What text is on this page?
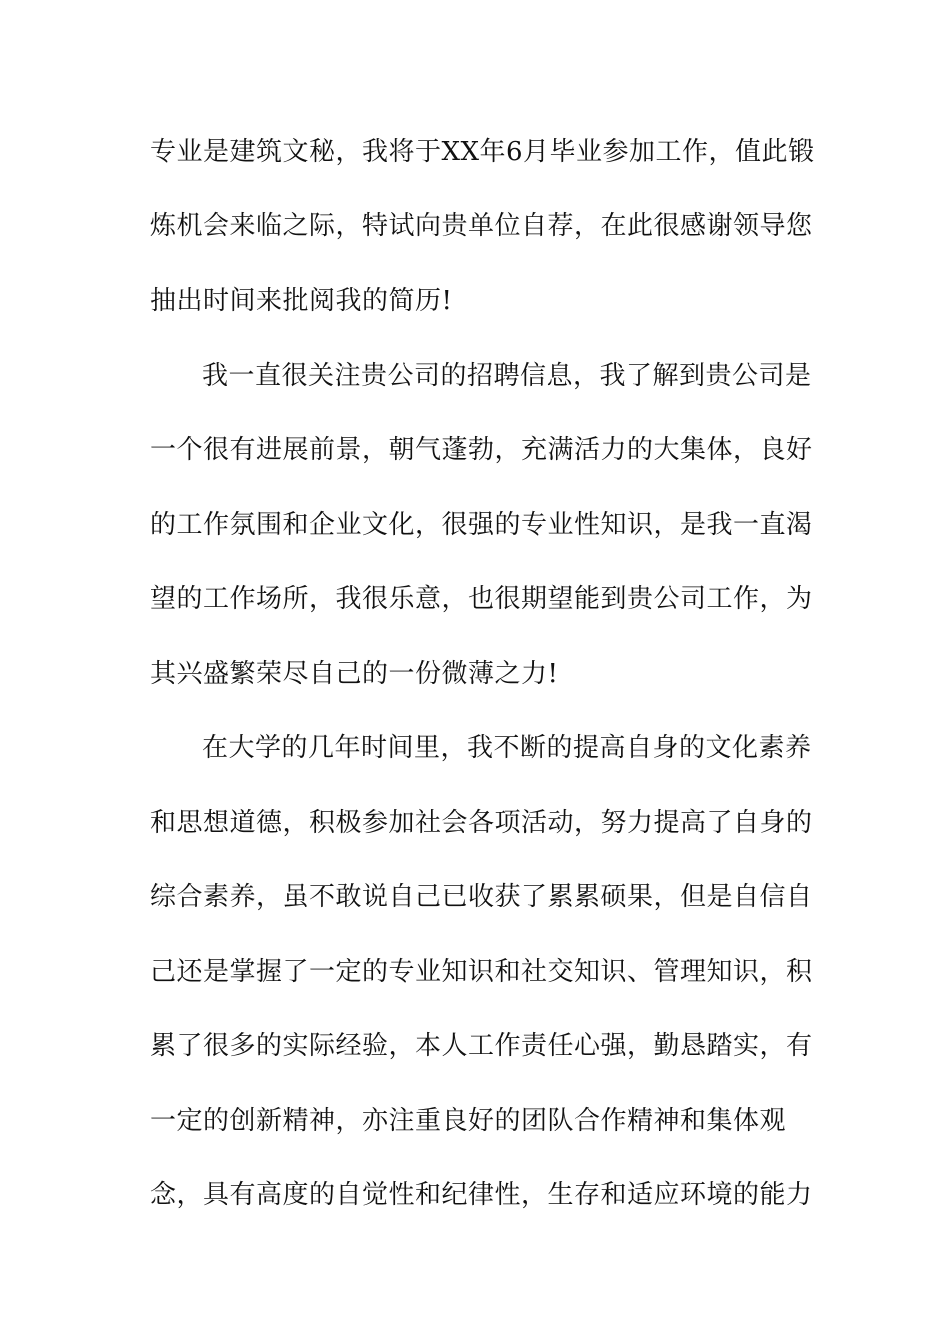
专业是建筑文秘，我将于XX年6月毕业参加工作，值此锻
炼机会来临之际，特试向贵单位自荐，在此很感谢领导您
抽出时间来批阅我的简历!
我一直很关注贵公司的招聘信息，我了解到贵公司是
一个很有进展前景，朝气蓬勃，充满活力的大集体，良好
的工作氛围和企业文化，很强的专业性知识，是我一直渴
望的工作场所，我很乐意，也很期望能到贵公司工作，为
其兴盛繁荣尽自己的一份微薄之力!
在大学的几年时间里，我不断的提高自身的文化素养
和思想道德，积极参加社会各项活动，努力提高了自身的
综合素养，虽不敢说自己已收获了累累硕果，但是自信自
己还是掌握了一定的专业知识和社交知识、管理知识，积
累了很多的实际经验，本人工作责任心强，勤恳踏实，有
一定的创新精神，亦注重良好的团队合作精神和集体观
念，具有高度的自觉性和纪律性，生存和适应环境的能力
